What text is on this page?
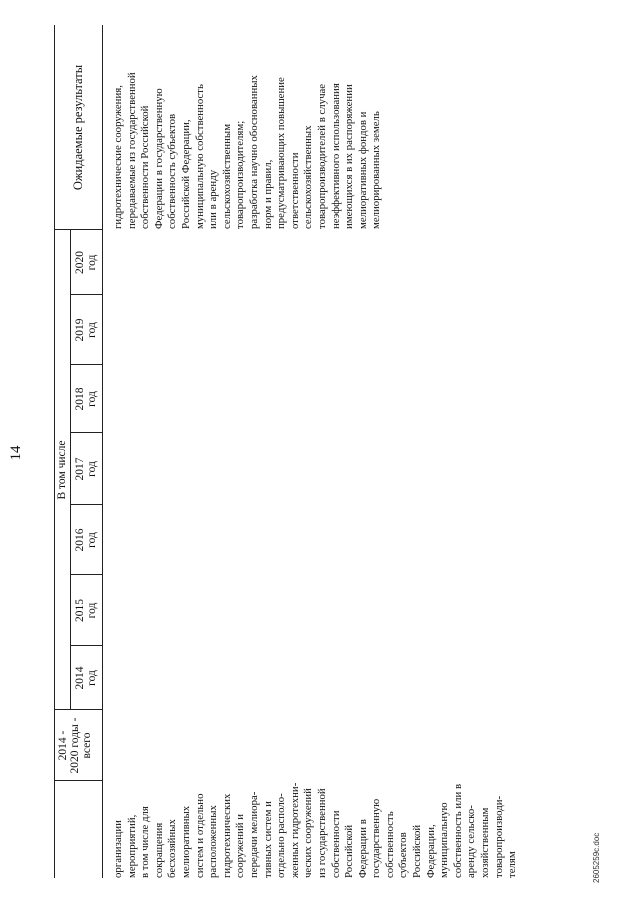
14
2014 - 2020 годы - всего
В том числе
2014 год
2015 год
2016 год
2017 год
2018 год
2019 год
2020 год
Ожидаемые результаты
организации мероприятий, в том числе для сокращения бесхозяйных мелиоративных систем и отдельно расположенных гидротехнических сооружений и передачи мелиора- тивных систем и отдельно располо- женных гидротехни- ческих сооружений из государственной собственности Российской Федерации в государственную собственность субъектов Российской Федерации, муниципальную собственность или в аренду сельско- хозяйственным товаропроизводи- телям
гидротехнические сооружения, передаваемые из государственной собственности Российской Федерации в государственную собственность субъектов Российской Федерации, муниципальную собственность или в аренду сельскохозяйственным товаропроизводителям; разработка научно обоснованных норм и правил, предусматривающих повышение ответственности сельскохозяйственных товаропроизводителей в случае неэффективного использования имеющихся в их распоряжении мелиоративных фондов и мелиорированных земель
2605259c.doc
